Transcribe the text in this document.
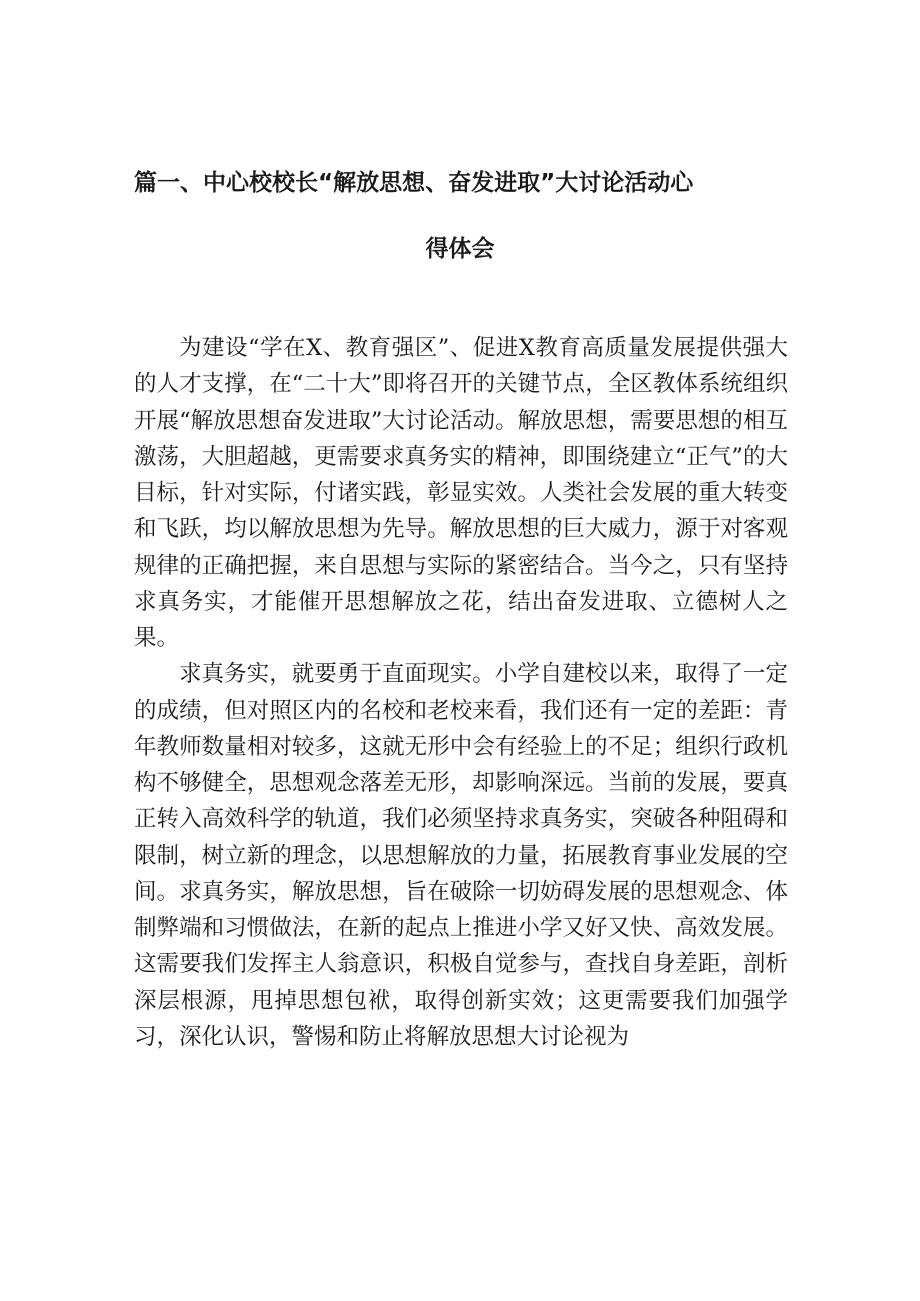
篇一、中心校校长“解放思想、奋发进取”大讨论活动心
得体会

为建设“学在X、教育强区”、促进X教育高质量发展提供强大的人才支撑，在“二十大”即将召开的关键节点，全区教体系统组织开展“解放思想奋发进取”大讨论活动。解放思想，需要思想的相互激荡，大胆超越，更需要求真务实的精神，即围绕建立“正气”的大目标，针对实际，付诸实践，彰显实效。人类社会发展的重大转变和飞跃，均以解放思想为先导。解放思想的巨大威力，源于对客观规律的正确把握，来自思想与实际的紧密结合。当今之，只有坚持求真务实，才能催开思想解放之花，结出奋发进取、立德树人之果。

求真务实，就要勇于直面现实。小学自建校以来，取得了一定的成绩，但对照区内的名校和老校来看，我们还有一定的差距：青年教师数量相对较多，这就无形中会有经验上的不足；组织行政机构不够健全，思想观念落差无形，却影响深远。当前的发展，要真正转入高效科学的轨道，我们必须坚持求真务实，突破各种阻碍和限制，树立新的理念，以思想解放的力量，拓展教育事业发展的空间。求真务实，解放思想，旨在破除一切妨碍发展的思想观念、体制弊端和习惯做法，在新的起点上推进小学又好又快、高效发展。这需要我们发挥主人翁意识，积极自觉参与，查找自身差距，剖析深层根源，甩掉思想包袱，取得创新实效；这更需要我们加强学习，深化认识，警惕和防止将解放思想大讨论视为
